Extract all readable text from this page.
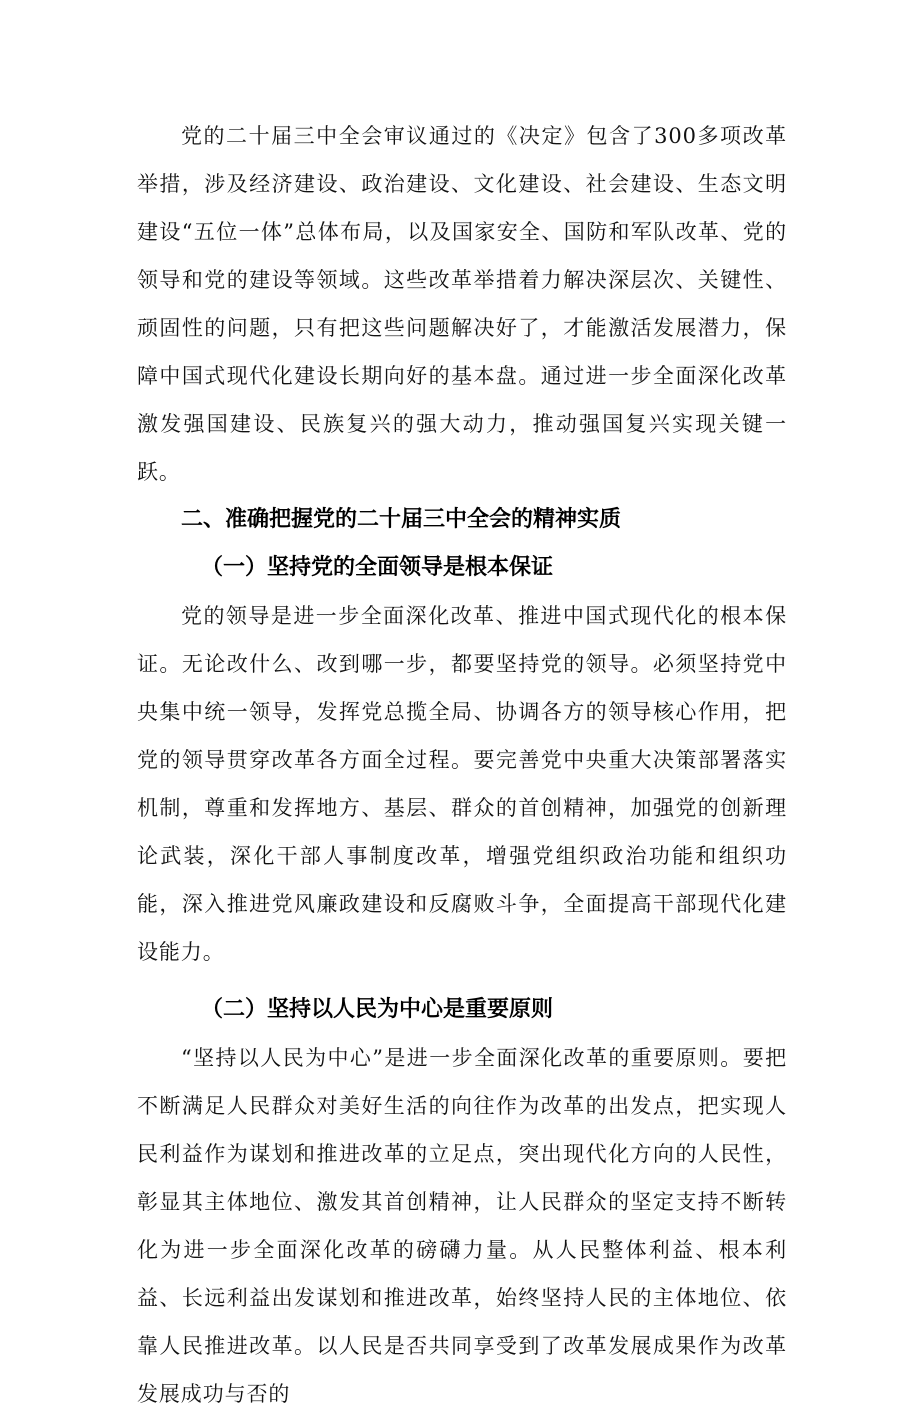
党的二十届三中全会审议通过的《决定》包含了300多项改革举措，涉及经济建设、政治建设、文化建设、社会建设、生态文明建设“五位一体”总体布局，以及国家安全、国防和军队改革、党的领导和党的建设等领域。这些改革举措着力解决深层次、关键性、顽固性的问题，只有把这些问题解决好了，才能激活发展潜力，保障中国式现代化建设长期向好的基本盘。通过进一步全面深化改革激发强国建设、民族复兴的强大动力，推动强国复兴实现关键一跃。

二、准确把握党的二十届三中全会的精神实质
（一）坚持党的全面领导是根本保证

党的领导是进一步全面深化改革、推进中国式现代化的根本保证。无论改什么、改到哪一步，都要坚持党的领导。必须坚持党中央集中统一领导，发挥党总揽全局、协调各方的领导核心作用，把党的领导贯穿改革各方面全过程。要完善党中央重大决策部署落实机制，尊重和发挥地方、基层、群众的首创精神，加强党的创新理论武装，深化干部人事制度改革，增强党组织政治功能和组织功能，深入推进党风廉政建设和反腐败斗争，全面提高干部现代化建设能力。

（二）坚持以人民为中心是重要原则

“坚持以人民为中心”是进一步全面深化改革的重要原则。要把不断满足人民群众对美好生活的向往作为改革的出发点，把实现人民利益作为谋划和推进改革的立足点，突出现代化方向的人民性，彰显其主体地位、激发其首创精神，让人民群众的坚定支持不断转化为进一步全面深化改革的磅礴力量。从人民整体利益、根本利益、长远利益出发谋划和推进改革，始终坚持人民的主体地位、依靠人民推进改革。以人民是否共同享受到了改革发展成果作为改革发展成功与否的
